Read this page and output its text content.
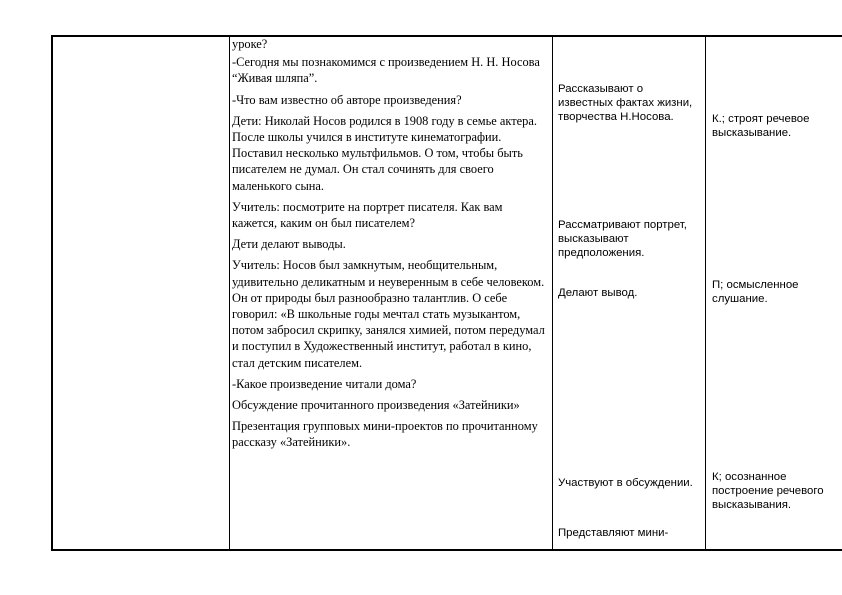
уроке?

-Сегодня мы познакомимся с произведением Н. Н. Носова “Живая шляпа”.

-Что вам известно об авторе произведения?

Дети: Николай Носов родился в 1908 году в семье актера. После школы учился в институте кинематографии. Поставил несколько мультфильмов. О том, чтобы быть писателем не думал. Он стал сочинять для своего маленького сына.

Учитель: посмотрите на портрет писателя. Как вам кажется, каким он был писателем?

Дети делают выводы.

Учитель: Носов был замкнутым, необщительным, удивительно деликатным и неуверенным в себе человеком. Он от природы был разнообразно талантлив. О себе говорил: «В школьные годы мечтал стать музыкантом, потом забросил скрипку, занялся химией, потом передумал и поступил в Художественный институт, работал в кино, стал детским писателем.

-Какое произведение читали дома?

Обсуждение прочитанного произведения «Затейники»

Презентация групповых мини-проектов по прочитанному рассказу «Затейники».

Рассказывают о известных фактах жизни, творчества Н.Носова.
Рассматривают портрет, высказывают предположения.
Делают вывод.
Участвуют в обсуждении.
Представляют мини-
К.; строят речевое высказывание.
П; осмысленное слушание.
К; осознанное построение речевого высказывания.
